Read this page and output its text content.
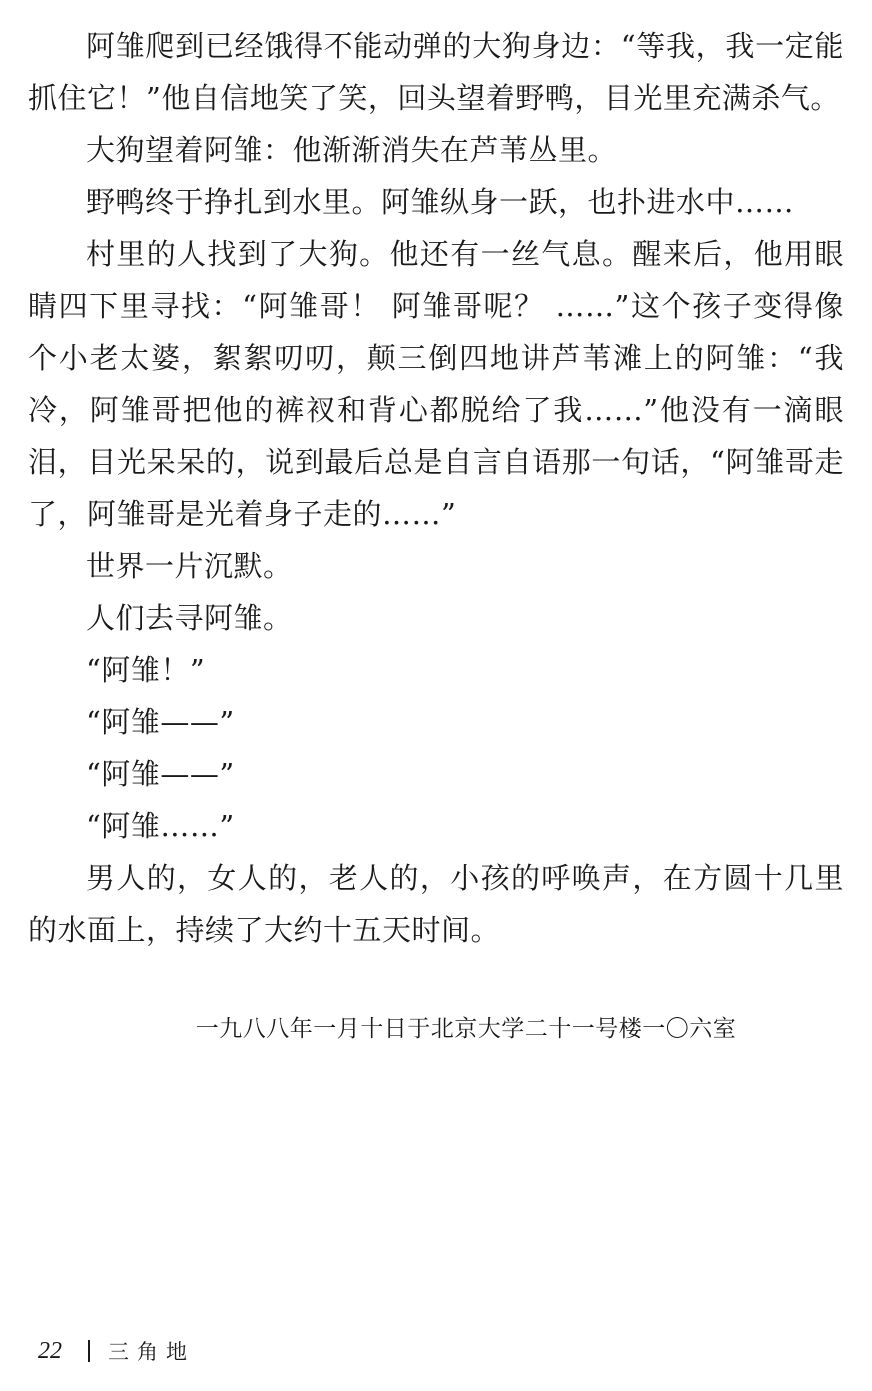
阿雏爬到已经饿得不能动弹的大狗身边：“等我，我一定能抓住它！”他自信地笑了笑，回头望着野鸭，目光里充满杀气。

大狗望着阿雏：他渐渐消失在芦苇丛里。

野鸭终于挣扎到水里。阿雏纵身一跃，也扑进水中……

村里的人找到了大狗。他还有一丝气息。醒来后，他用眼睛四下里寻找：“阿雏哥！ 阿雏哥呢？ ……”这个孩子变得像个小老太婆，絮絮叨叨，颠三倒四地讲芦苇滩上的阿雏：“我冷，阿雏哥把他的裤衩和背心都脱给了我……”他没有一滴眼泪，目光呆呆的，说到最后总是自言自语那一句话，“阿雏哥走了，阿雏哥是光着身子走的……”

世界一片沉默。

人们去寻阿雏。

“阿雏！”

“阿雏——”

“阿雏——”

“阿雏……”

男人的，女人的，老人的，小孩的呼唤声，在方圆十几里的水面上，持续了大约十五天时间。

一九八八年一月十日于北京大学二十一号楼一〇六室
22 三角地
